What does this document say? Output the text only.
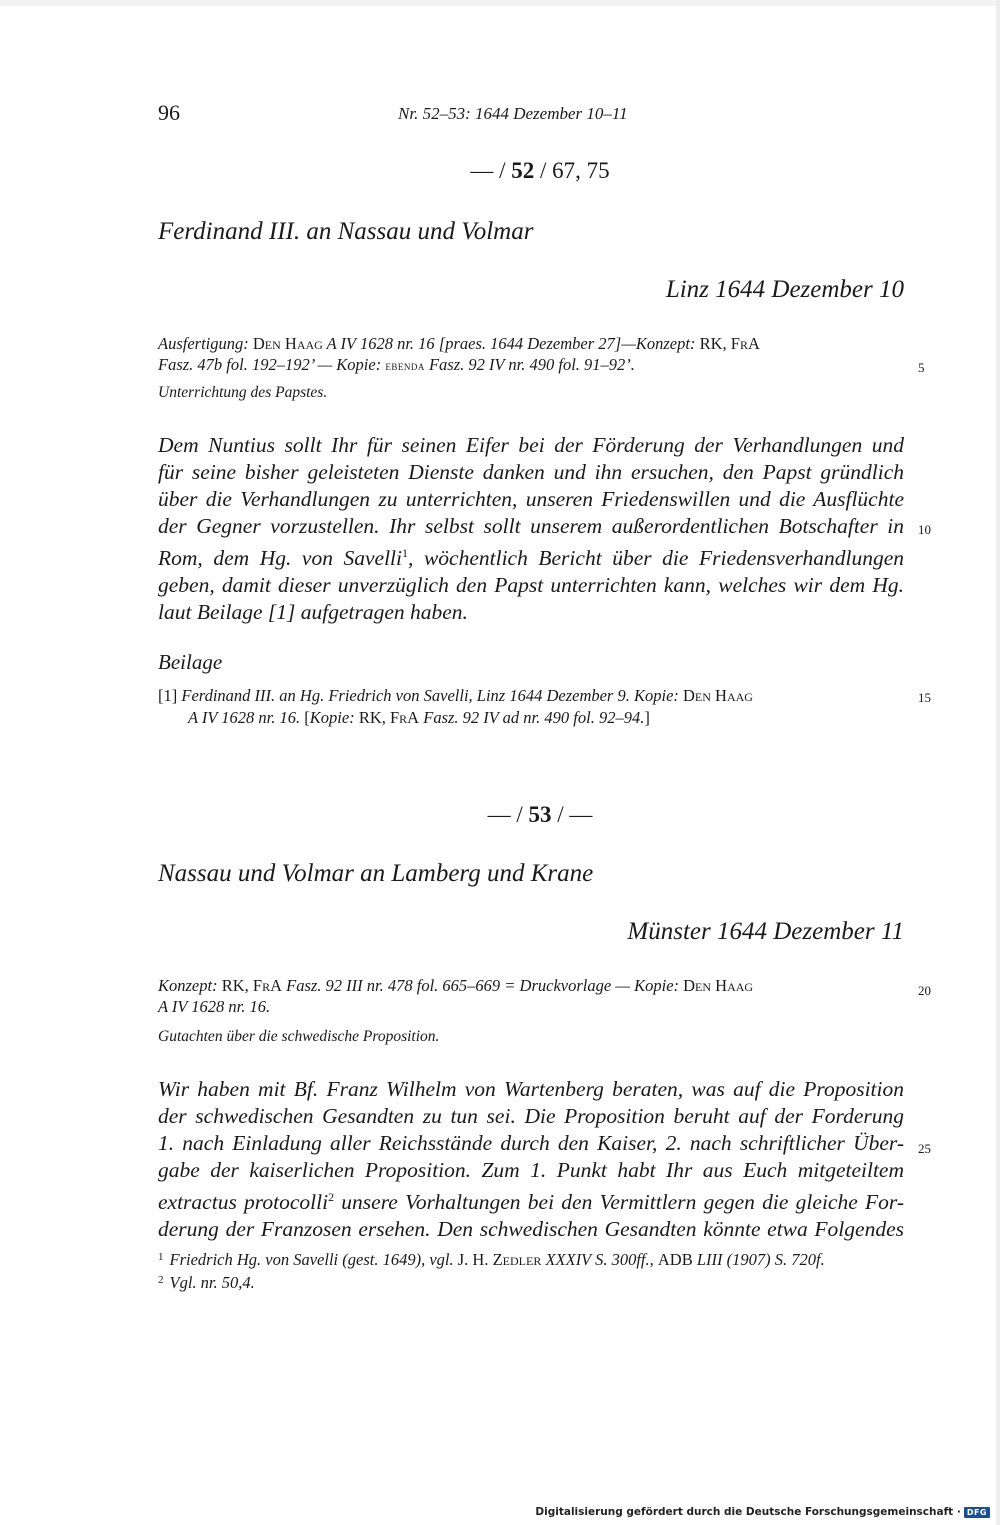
96	Nr. 52–53: 1644 Dezember 10–11
— / 52 / 67, 75
Ferdinand III. an Nassau und Volmar
Linz 1644 Dezember 10
Ausfertigung: Den Haag A IV 1628 nr. 16 [praes. 1644 Dezember 27]—Konzept: RK, FrA
Fasz. 47b fol. 192–192’ — Kopie: ebenda Fasz. 92 IV nr. 490 fol. 91–92’.
Unterrichtung des Papstes.
Dem Nuntius sollt Ihr für seinen Eifer bei der Förderung der Verhandlungen und
für seine bisher geleisteten Dienste danken und ihn ersuchen, den Papst gründlich
über die Verhandlungen zu unterrichten, unseren Friedenswillen und die Ausflüchte
der Gegner vorzustellen. Ihr selbst sollt unserem außerordentlichen Botschafter in
Rom, dem Hg. von Savelli$^1$, wöchentlich Bericht über die Friedensverhandlungen
geben, damit dieser unverzüglich den Papst unterrichten kann, welches wir dem Hg.
laut Beilage [1] aufgetragen haben.
Beilage
[1] Ferdinand III. an Hg. Friedrich von Savelli, Linz 1644 Dezember 9. Kopie: Den Haag
A IV 1628 nr. 16. [Kopie: RK, FrA Fasz. 92 IV ad nr. 490 fol. 92–94.]
— / 53 / —
Nassau und Volmar an Lamberg und Krane
Münster 1644 Dezember 11
Konzept: RK, FrA Fasz. 92 III nr. 478 fol. 665–669 = Druckvorlage — Kopie: Den Haag
A IV 1628 nr. 16.
Gutachten über die schwedische Proposition.
Wir haben mit Bf. Franz Wilhelm von Wartenberg beraten, was auf die Proposition
der schwedischen Gesandten zu tun sei. Die Proposition beruht auf der Forderung
1. nach Einladung aller Reichsstände durch den Kaiser, 2. nach schriftlicher Über-
gabe der kaiserlichen Proposition. Zum 1. Punkt habt Ihr aus Euch mitgeteiltem
extractus protocolli$^2$ unsere Vorhaltungen bei den Vermittlern gegen die gleiche For-
derung der Franzosen ersehen. Den schwedischen Gesandten könnte etwa Folgendes
5
10
15
20
25
$^1$ Friedrich Hg. von Savelli (gest. 1649), vgl. J. H. Zedler XXXIV S. 300ff., ADB LIII (1907) S. 720f.
$^2$ Vgl. nr. 50,4.
Digitalisierung gefördert durch die Deutsche Forschungsgemeinschaft · DFG
